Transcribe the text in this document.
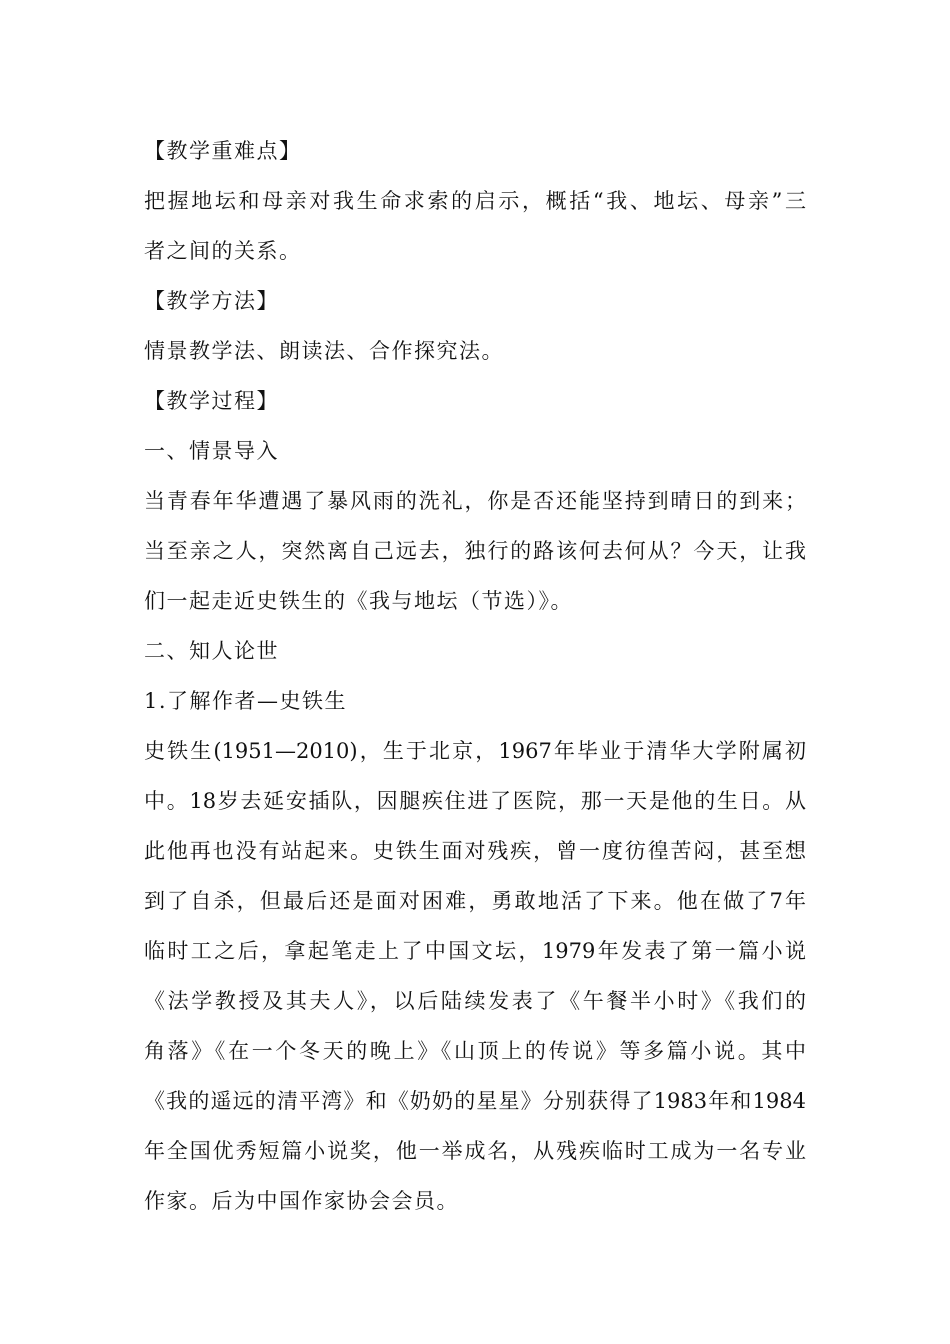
【教学重难点】
把握地坛和母亲对我生命求索的启示，概括“我、地坛、母亲”三
者之间的关系。
【教学方法】
情景教学法、朗读法、合作探究法。
【教学过程】
一、情景导入
当青春年华遭遇了暴风雨的洗礼，你是否还能坚持到晴日的到来；
当至亲之人，突然离自己远去，独行的路该何去何从？今天，让我
们一起走近史铁生的《我与地坛（节选）》。
二、知人论世
1.了解作者—史铁生
史铁生(1951—2010)，生于北京，1967年毕业于清华大学附属初
中。18岁去延安插队，因腿疾住进了医院，那一天是他的生日。从
此他再也没有站起来。史铁生面对残疾，曾一度彷徨苦闷，甚至想
到了自杀，但最后还是面对困难，勇敢地活了下来。他在做了7年
临时工之后，拿起笔走上了中国文坛，1979年发表了第一篇小说
《法学教授及其夫人》，以后陆续发表了《午餐半小时》《我们的
角落》《在一个冬天的晚上》《山顶上的传说》等多篇小说。其中
《我的遥远的清平湾》和《奶奶的星星》分别获得了1983年和1984
年全国优秀短篇小说奖，他一举成名，从残疾临时工成为一名专业
作家。后为中国作家协会会员。
